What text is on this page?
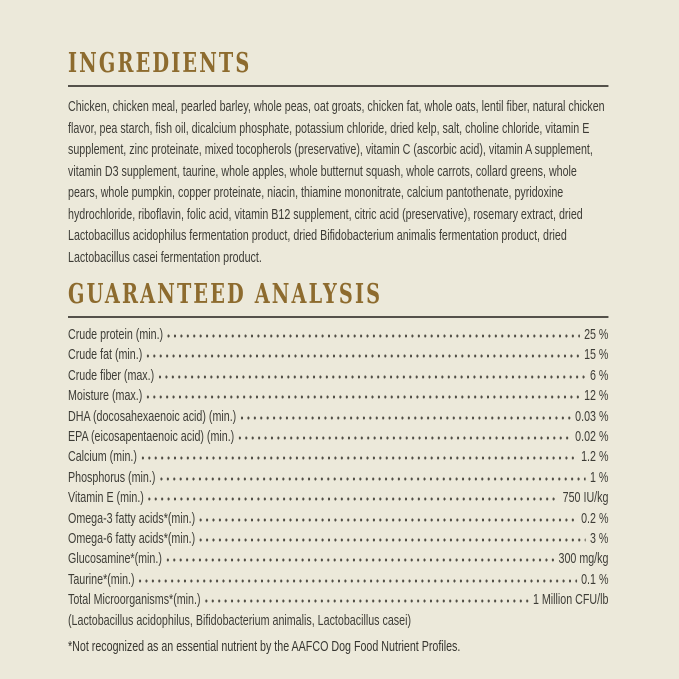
INGREDIENTS

Chicken, chicken meal, pearled barley, whole peas, oat groats, chicken fat, whole oats, lentil fiber, natural chicken flavor, pea starch, fish oil, dicalcium phosphate, potassium chloride, dried kelp, salt, choline chloride, vitamin E supplement, zinc proteinate, mixed tocopherols (preservative), vitamin C (ascorbic acid), vitamin A supplement, vitamin D3 supplement, taurine, whole apples, whole butternut squash, whole carrots, collard greens, whole pears, whole pumpkin, copper proteinate, niacin, thiamine mononitrate, calcium pantothenate, pyridoxine hydrochloride, riboflavin, folic acid, vitamin B12 supplement, citric acid (preservative), rosemary extract, dried Lactobacillus acidophilus fermentation product, dried Bifidobacterium animalis fermentation product, dried Lactobacillus casei fermentation product.

GUARANTEED ANALYSIS
Crude protein (min.)	25 %
Crude fat (min.)	15 %
Crude fiber (max.)	6 %
Moisture (max.)	12 %
DHA (docosahexaenoic acid) (min.)	0.03 %
EPA (eicosapentaenoic acid) (min.)	0.02 %
Calcium (min.)	1.2 %
Phosphorus (min.)	1 %
Vitamin E (min.)	750 IU/kg
Omega-3 fatty acids*(min.)	0.2 %
Omega-6 fatty acids*(min.)	3 %
Glucosamine*(min.)	300 mg/kg
Taurine*(min.)	0.1 %
Total Microorganisms*(min.)	1 Million CFU/lb

(Lactobacillus acidophilus, Bifidobacterium animalis, Lactobacillus casei)

*Not recognized as an essential nutrient by the AAFCO Dog Food Nutrient Profiles.
